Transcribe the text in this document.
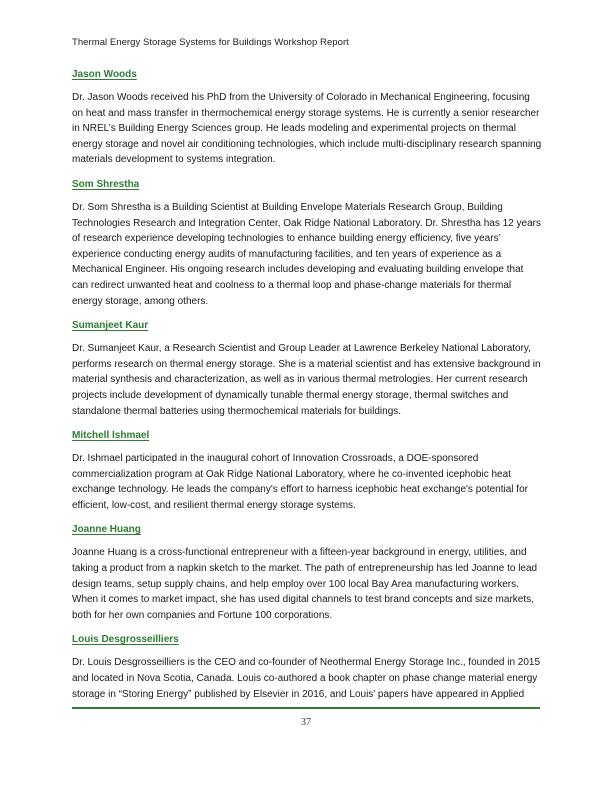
Thermal Energy Storage Systems for Buildings Workshop Report
Jason Woods

Dr. Jason Woods received his PhD from the University of Colorado in Mechanical Engineering, focusing on heat and mass transfer in thermochemical energy storage systems. He is currently a senior researcher in NREL’s Building Energy Sciences group. He leads modeling and experimental projects on thermal energy storage and novel air conditioning technologies, which include multi-disciplinary research spanning materials development to systems integration.

Som Shrestha

Dr. Som Shrestha is a Building Scientist at Building Envelope Materials Research Group, Building Technologies Research and Integration Center, Oak Ridge National Laboratory. Dr. Shrestha has 12 years of research experience developing technologies to enhance building energy efficiency, five years’ experience conducting energy audits of manufacturing facilities, and ten years of experience as a Mechanical Engineer. His ongoing research includes developing and evaluating building envelope that can redirect unwanted heat and coolness to a thermal loop and phase-change materials for thermal energy storage, among others.

Sumanjeet Kaur

Dr. Sumanjeet Kaur, a Research Scientist and Group Leader at Lawrence Berkeley National Laboratory, performs research on thermal energy storage. She is a material scientist and has extensive background in material synthesis and characterization, as well as in various thermal metrologies. Her current research projects include development of dynamically tunable thermal energy storage, thermal switches and standalone thermal batteries using thermochemical materials for buildings.

Mitchell Ishmael

Dr. Ishmael participated in the inaugural cohort of Innovation Crossroads, a DOE-sponsored commercialization program at Oak Ridge National Laboratory, where he co-invented icephobic heat exchange technology. He leads the company's effort to harness icephobic heat exchange's potential for efficient, low-cost, and resilient thermal energy storage systems.

Joanne Huang

Joanne Huang is a cross-functional entrepreneur with a fifteen-year background in energy, utilities, and taking a product from a napkin sketch to the market. The path of entrepreneurship has led Joanne to lead design teams, setup supply chains, and help employ over 100 local Bay Area manufacturing workers. When it comes to market impact, she has used digital channels to test brand concepts and size markets, both for her own companies and Fortune 100 corporations.

Louis Desgrosseilliers

Dr. Louis Desgrosseilliers is the CEO and co-founder of Neothermal Energy Storage Inc., founded in 2015 and located in Nova Scotia, Canada. Louis co-authored a book chapter on phase change material energy storage in “Storing Energy” published by Elsevier in 2016, and Louis’ papers have appeared in Applied

37
